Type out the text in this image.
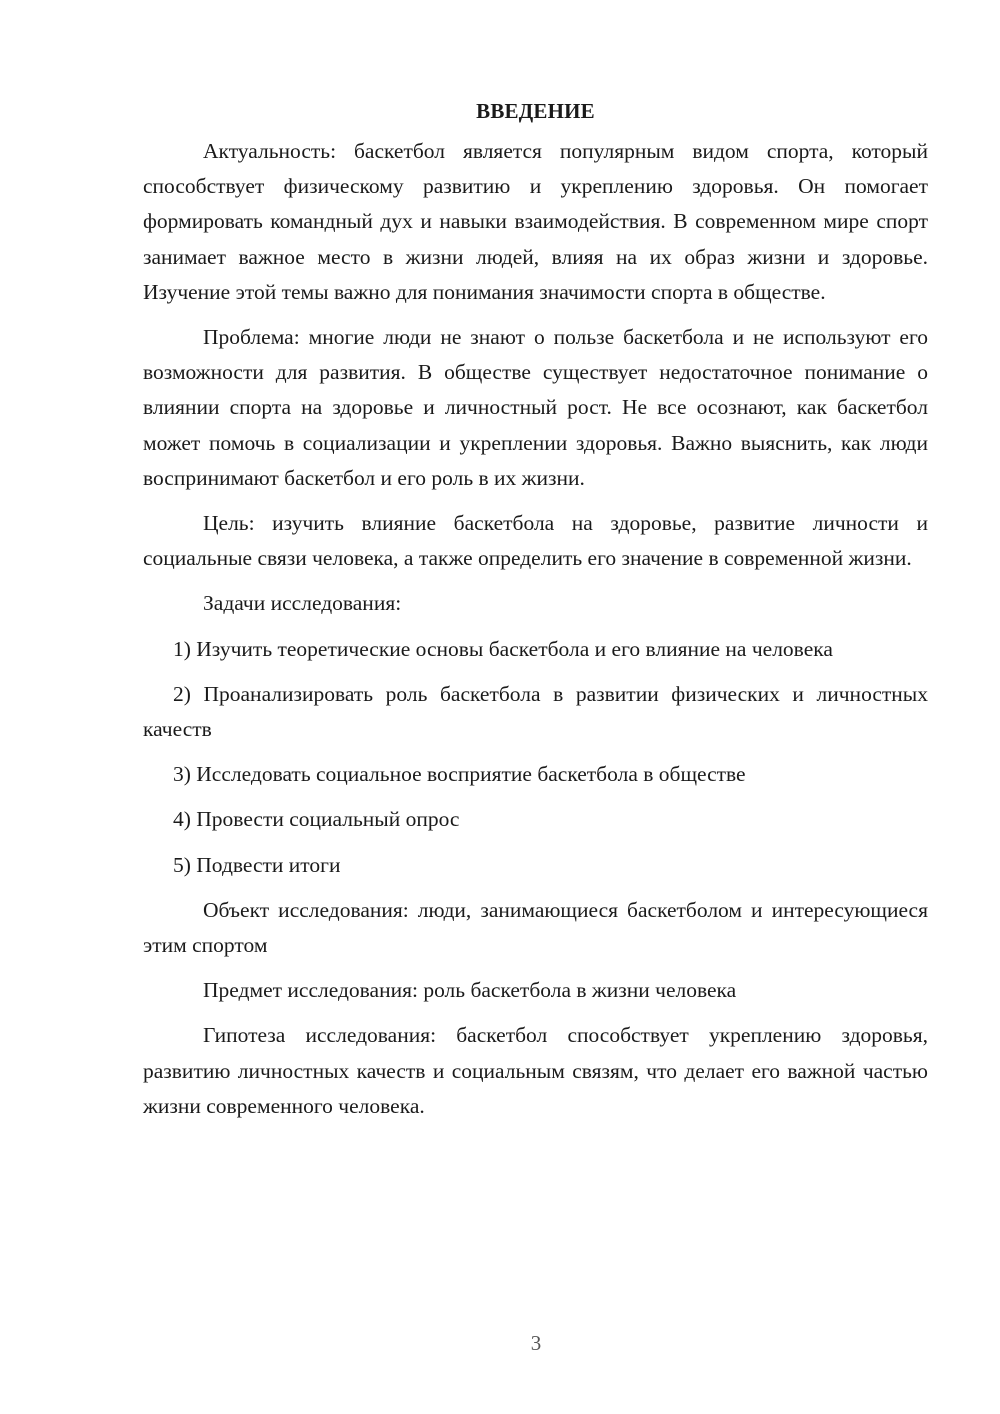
ВВЕДЕНИЕ

Актуальность: баскетбол является популярным видом спорта, который способствует физическому развитию и укреплению здоровья. Он помогает формировать командный дух и навыки взаимодействия. В современном мире спорт занимает важное место в жизни людей, влияя на их образ жизни и здоровье. Изучение этой темы важно для понимания значимости спорта в обществе.

Проблема: многие люди не знают о пользе баскетбола и не используют его возможности для развития. В обществе существует недостаточное понимание о влиянии спорта на здоровье и личностный рост. Не все осознают, как баскетбол может помочь в социализации и укреплении здоровья. Важно выяснить, как люди воспринимают баскетбол и его роль в их жизни.

Цель: изучить влияние баскетбола на здоровье, развитие личности и социальные связи человека, а также определить его значение в современной жизни.

Задачи исследования:

1) Изучить теоретические основы баскетбола и его влияние на человека

2) Проанализировать роль баскетбола в развитии физических и личностных качеств

3) Исследовать социальное восприятие баскетбола в обществе

4) Провести социальный опрос

5) Подвести итоги

Объект исследования: люди, занимающиеся баскетболом и интересующиеся этим спортом

Предмет исследования: роль баскетбола в жизни человека

Гипотеза исследования: баскетбол способствует укреплению здоровья, развитию личностных качеств и социальным связям, что делает его важной частью жизни современного человека.

3
